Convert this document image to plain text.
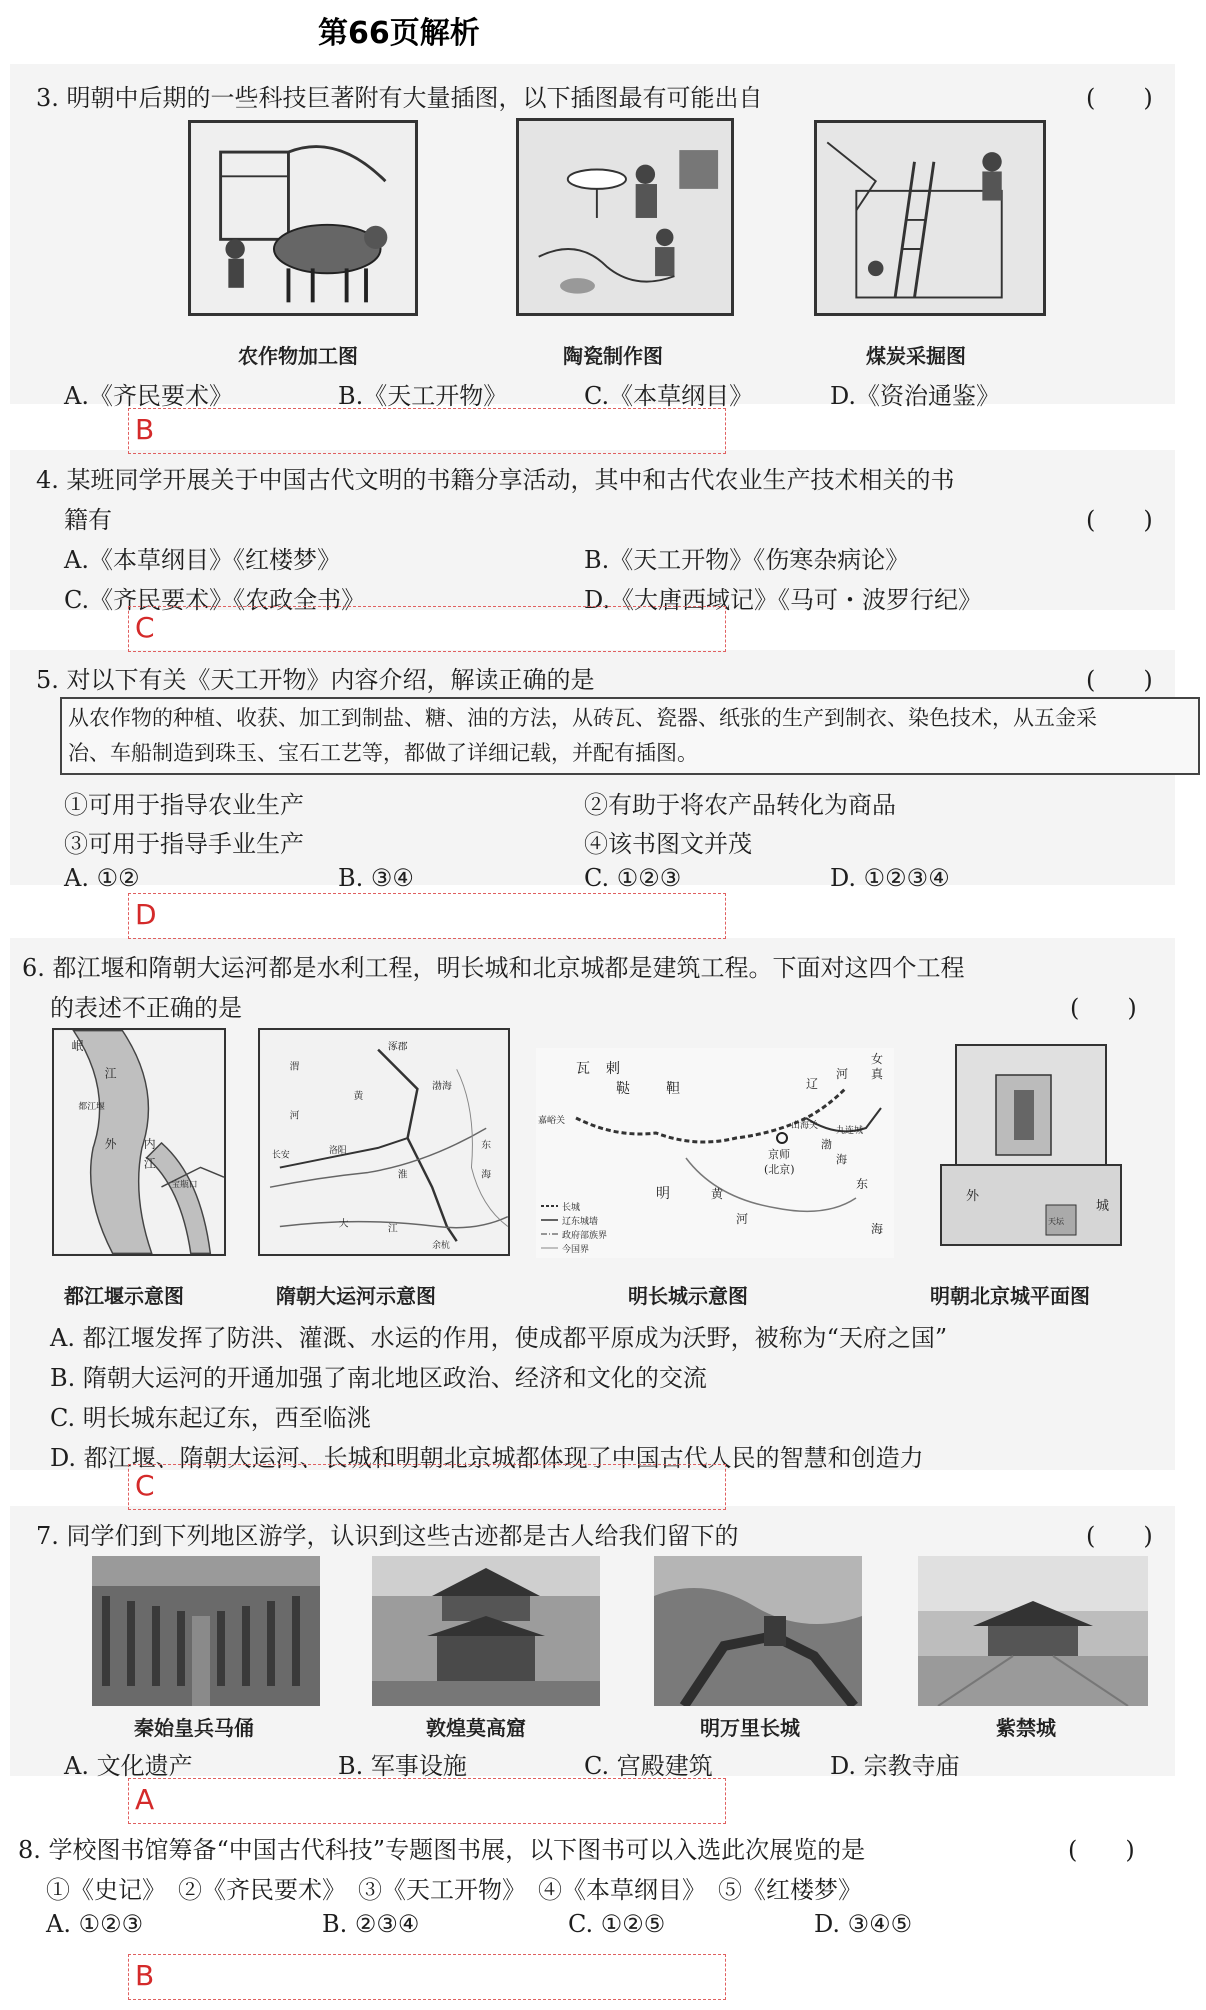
第66页解析
3. 明朝中后期的一些科技巨著附有大量插图，以下插图最有可能出自	(　　)
农作物加工图	陶瓷制作图	煤炭采掘图
A.《齐民要术》	B.《天工开物》	C.《本草纲目》	D.《资治通鉴》
B
4. 某班同学开展关于中国古代文明的书籍分享活动，其中和古代农业生产技术相关的书
籍有	(　　)
A.《本草纲目》《红楼梦》	B.《天工开物》《伤寒杂病论》
C.《齐民要术》《农政全书》	D.《大唐西域记》《马可・波罗行纪》
C
5. 对以下有关《天工开物》内容介绍，解读正确的是	(　　)
从农作物的种植、收获、加工到制盐、糖、油的方法，从砖瓦、瓷器、纸张的生产到制衣、染色技术，从五金采
冶、车船制造到珠玉、宝石工艺等，都做了详细记载，并配有插图。
①可用于指导农业生产	②有助于将农产品转化为商品
③可用于指导手业生产	④该书图文并茂
A. ①②	B. ③④	C. ①②③	D. ①②③④
D
6. 都江堰和隋朝大运河都是水利工程，明长城和北京城都是建筑工程。下面对这四个工程
的表述不正确的是	(　　)
岷
江
外 内
江
都江堰
宝瓶口
涿郡
渭
河
黄
洛阳
长安
淮
渤海
东
海
大	江
余杭
瓦 剌
鞑	靼
女
真
辽
河
嘉峪关	山海关 九连城
京师
(北京)
明	黄
河
东
海
渤
海
长城
辽东城墙
政府部族界
今国界
外
城
天坛
都江堰示意图	隋朝大运河示意图	明长城示意图	明朝北京城平面图
A. 都江堰发挥了防洪、灌溉、水运的作用，使成都平原成为沃野，被称为“天府之国”
B. 隋朝大运河的开通加强了南北地区政治、经济和文化的交流
C. 明长城东起辽东，西至临洮
D. 都江堰、隋朝大运河、长城和明朝北京城都体现了中国古代人民的智慧和创造力
C
7. 同学们到下列地区游学，认识到这些古迹都是古人给我们留下的	(　　)
秦始皇兵马俑	敦煌莫高窟	明万里长城	紫禁城
A. 文化遗产	B. 军事设施	C. 宫殿建筑	D. 宗教寺庙
A
8. 学校图书馆筹备“中国古代科技”专题图书展，以下图书可以入选此次展览的是	(　　)
①《史记》　②《齐民要术》　③《天工开物》　④《本草纲目》　⑤《红楼梦》
A. ①②③	B. ②③④	C. ①②⑤	D. ③④⑤
B
